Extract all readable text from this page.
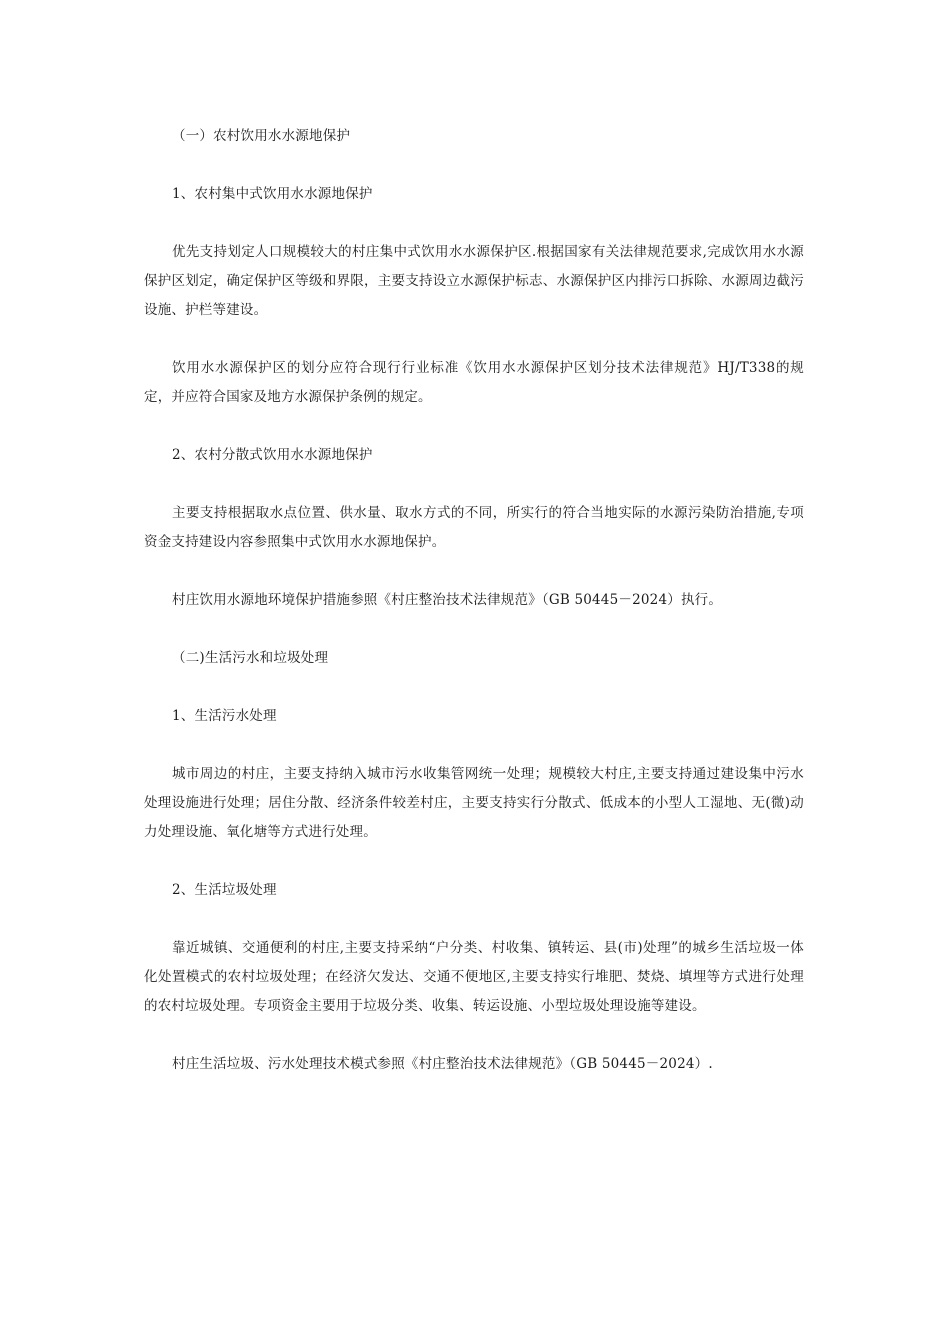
（一）农村饮用水水源地保护

1、农村集中式饮用水水源地保护

优先支持划定人口规模较大的村庄集中式饮用水水源保护区.根据国家有关法律规范要求,完成饮用水水源保护区划定，确定保护区等级和界限，主要支持设立水源保护标志、水源保护区内排污口拆除、水源周边截污设施、护栏等建设。

饮用水水源保护区的划分应符合现行行业标准《饮用水水源保护区划分技术法律规范》HJ/T338的规定，并应符合国家及地方水源保护条例的规定。

2、农村分散式饮用水水源地保护

主要支持根据取水点位置、供水量、取水方式的不同，所实行的符合当地实际的水源污染防治措施,专项资金支持建设内容参照集中式饮用水水源地保护。

村庄饮用水源地环境保护措施参照《村庄整治技术法律规范》（GB 50445－2024）执行。

（二)生活污水和垃圾处理

1、生活污水处理

城市周边的村庄，主要支持纳入城市污水收集管网统一处理；规模较大村庄,主要支持通过建设集中污水处理设施进行处理；居住分散、经济条件较差村庄，主要支持实行分散式、低成本的小型人工湿地、无(微)动力处理设施、氧化塘等方式进行处理。

2、生活垃圾处理

靠近城镇、交通便利的村庄,主要支持采纳“户分类、村收集、镇转运、县(市)处理”的城乡生活垃圾一体化处置模式的农村垃圾处理；在经济欠发达、交通不便地区,主要支持实行堆肥、焚烧、填埋等方式进行处理的农村垃圾处理。专项资金主要用于垃圾分类、收集、转运设施、小型垃圾处理设施等建设。

村庄生活垃圾、污水处理技术模式参照《村庄整治技术法律规范》（GB 50445－2024）.
